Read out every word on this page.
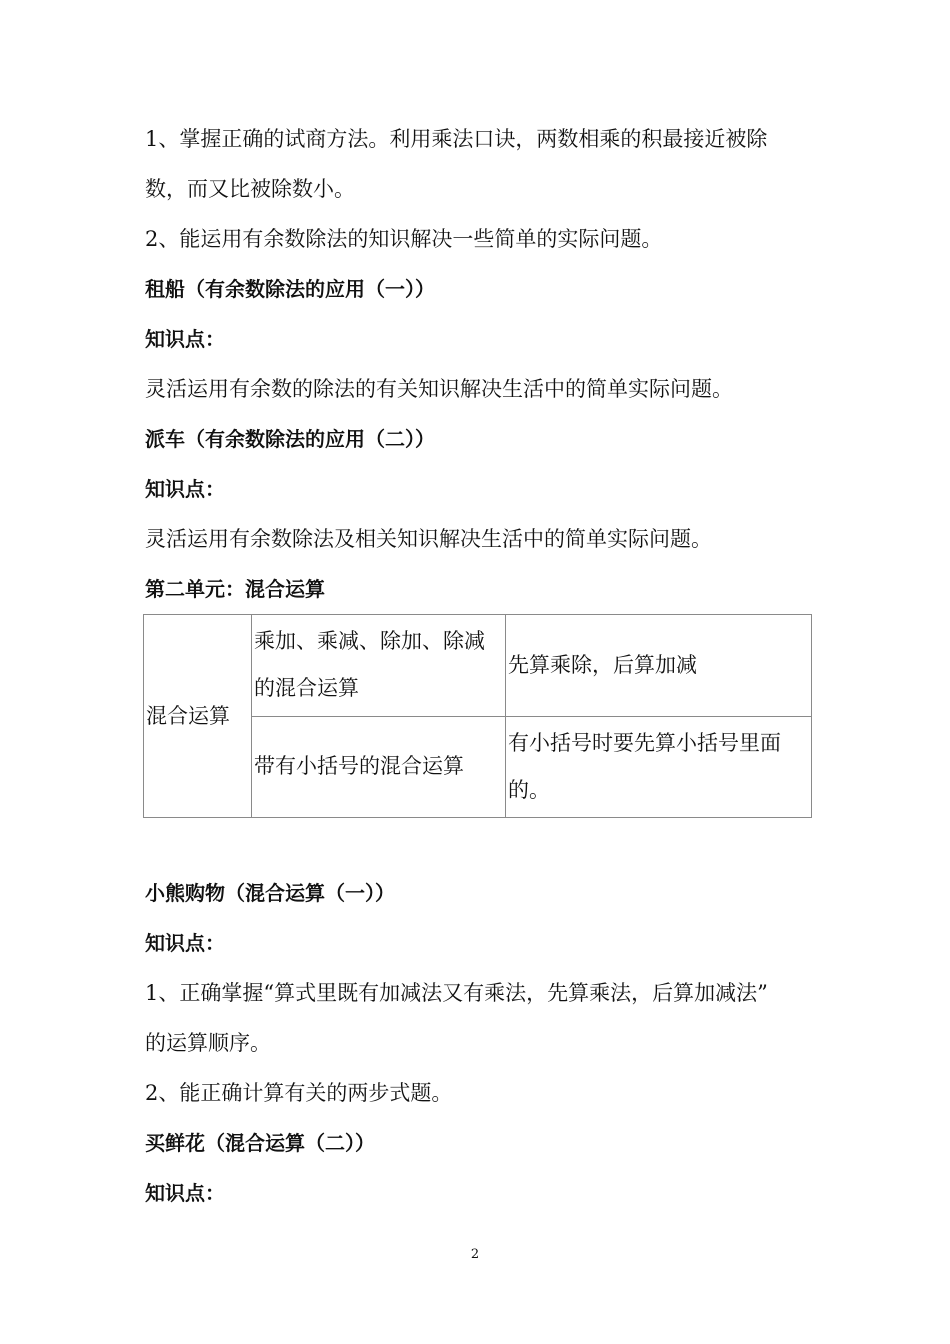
1、掌握正确的试商方法。利用乘法口诀，两数相乘的积最接近被除
数，而又比被除数小。
2、能运用有余数除法的知识解决一些简单的实际问题。
租船（有余数除法的应用（一））
知识点：
灵活运用有余数的除法的有关知识解决生活中的简单实际问题。
派车（有余数除法的应用（二））
知识点：
灵活运用有余数除法及相关知识解决生活中的简单实际问题。
第二单元：混合运算
混合运算	乘加、乘减、除加、除减的混合运算	先算乘除，后算加减
	带有小括号的混合运算	有小括号时要先算小括号里面的。
小熊购物（混合运算（一））
知识点：
1、正确掌握“算式里既有加减法又有乘法，先算乘法，后算加减法”
的运算顺序。
2、能正确计算有关的两步式题。
买鲜花（混合运算（二））
知识点：
2
